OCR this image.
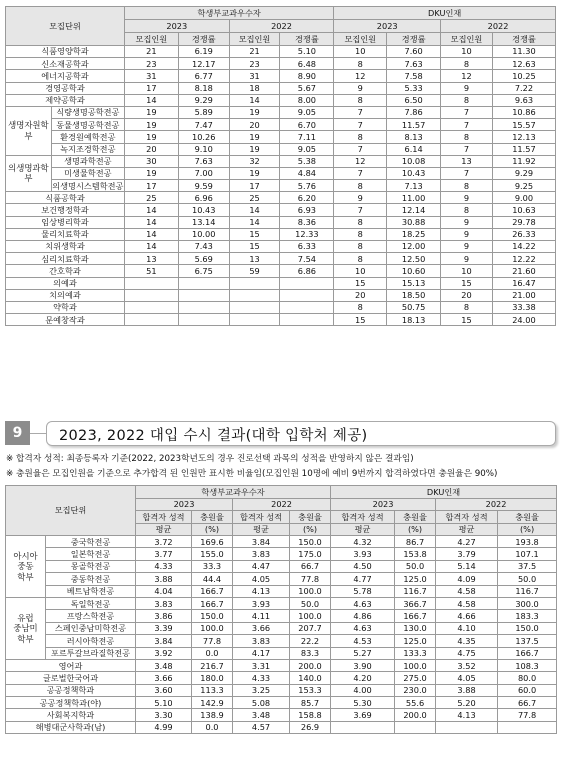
모집단위		학생부교과우수자				DKU인재			
		2023		2022		2023		2022	
		모집인원	경쟁률	모집인원	경쟁률	모집인원	경쟁률	모집인원	경쟁률
식품영양학과		21	6.19	21	5.10	10	7.60	10	11.30
신소재공학과		23	12.17	23	6.48	8	7.63	8	12.63
에너지공학과		31	6.77	31	8.90	12	7.58	12	10.25
경영공학과		17	8.18	18	5.67	9	5.33	9	7.22
제약공학과		14	9.29	14	8.00	8	6.50	8	9.63
생명자원학부	식량생명공학전공	19	5.89	19	9.05	7	7.86	7	10.86
	동물생명공학전공	19	7.47	20	6.70	7	11.57	7	15.57
	환경원예학전공	19	10.26	19	7.11	8	8.13	8	12.13
	녹지조경학전공	20	9.10	19	9.05	7	6.14	7	11.57
의생명과학부	생명과학전공	30	7.63	32	5.38	12	10.08	13	11.92
	미생물학전공	19	7.00	19	4.84	7	10.43	7	9.29
	의생명시스템학전공	17	9.59	17	5.76	8	7.13	8	9.25
식품공학과		25	6.96	25	6.20	9	11.00	9	9.00
보건행정학과		14	10.43	14	6.93	7	12.14	8	10.63
임상병리학과		14	13.14	14	8.36	8	30.88	9	29.78
물리치료학과		14	10.00	15	12.33	8	18.25	9	26.33
치위생학과		14	7.43	15	6.33	8	12.00	9	14.22
심리치료학과		13	5.69	13	7.54	8	12.50	9	12.22
간호학과		51	6.75	59	6.86	10	10.60	10	21.60
의예과						15	15.13	15	16.47
치의예과						20	18.50	20	21.00
약학과						8	50.75	8	33.38
문예창작과						15	18.13	15	24.00
9	2023, 2022 대입 수시 결과(대학 입학처 제공)
※ 합격자 성적: 최종등록자 기준(2022, 2023학년도의 경우 진로선택 과목의 성적을 반영하지 않은 결과임)
※ 충원율은 모집인원을 기준으로 추가합격 된 인원만 표시한 비율임(모집인원 10명에 예비 9번까지 합격하였다면 충원율은 90%)
모집단위		학생부교과우수자				DKU인재			
		2023		2022		2023		2022	
		합격자 성적	충원율	합격자 성적	충원율	합격자 성적	충원율	합격자 성적	충원율
		평균	(%)	평균	(%)	평균	(%)	평균	(%)
아시아
중동
학부	중국학전공	3.72	169.6	3.84	150.0	4.32	86.7	4.27	193.8
	일본학전공	3.77	155.0	3.83	175.0	3.93	153.8	3.79	107.1
	몽골학전공	4.33	33.3	4.47	66.7	4.50	50.0	5.14	37.5
	중동학전공	3.88	44.4	4.05	77.8	4.77	125.0	4.09	50.0
	베트남학전공	4.04	166.7	4.13	100.0	5.78	116.7	4.58	116.7
유럽
중남미
학부	독일학전공	3.83	166.7	3.93	50.0	4.63	366.7	4.58	300.0
	프랑스학전공	3.86	150.0	4.11	100.0	4.86	166.7	4.66	183.3
	스페인중남미학전공	3.39	100.0	3.66	207.7	4.63	130.0	4.10	150.0
	러시아학전공	3.84	77.8	3.83	22.2	4.53	125.0	4.35	137.5
	포르투갈브라질학전공	3.92	0.0	4.17	83.3	5.27	133.3	4.75	166.7
영어과		3.48	216.7	3.31	200.0	3.90	100.0	3.52	108.3
글로벌한국어과		3.66	180.0	4.33	140.0	4.20	275.0	4.05	80.0
공공정책학과		3.60	113.3	3.25	153.3	4.00	230.0	3.88	60.0
공공정책학과(야)		5.10	142.9	5.08	85.7	5.30	55.6	5.20	66.7
사회복지학과		3.30	138.9	3.48	158.8	3.69	200.0	4.13	77.8
해병대군사학과(남)		4.99	0.0	4.57	26.9				
